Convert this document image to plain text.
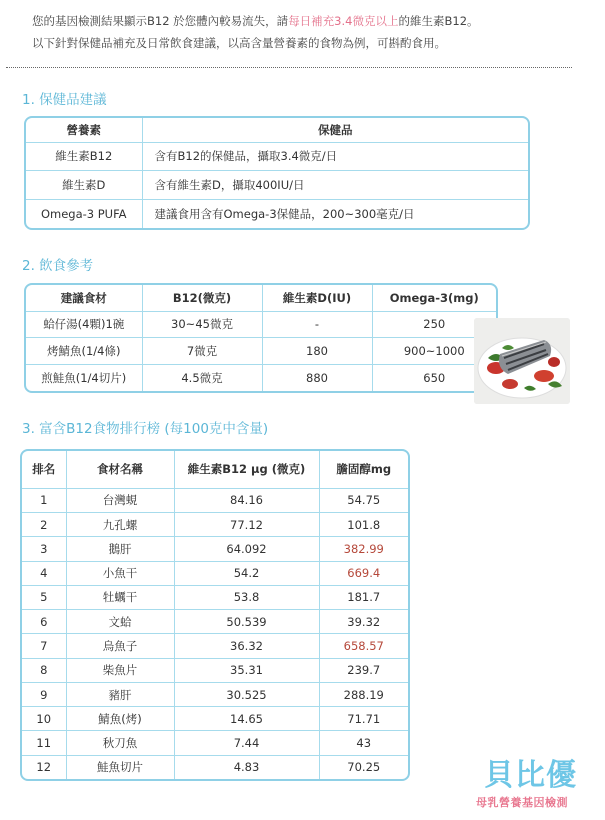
您的基因檢測結果顯示B12 於您體內較易流失，請每日補充3.4微克以上的維生素B12。
以下針對保健品補充及日常飲食建議，以高含量營養素的食物為例，可斟酌食用。
1. 保健品建議
營養素	保健品
維生素B12	含有B12的保健品，攝取3.4微克/日
維生素D	含有維生素D，攝取400IU/日
Omega-3 PUFA	建議食用含有Omega-3保健品，200~300毫克/日
2. 飲食參考
建議食材	B12(微克)	維生素D(IU)	Omega-3(mg)
蛤仔湯(4顆)1碗	30~45微克	-	250
烤鯖魚(1/4條)	7微克	180	900~1000
煎鮭魚(1/4切片)	4.5微克	880	650
3. 富含B12食物排行榜 (每100克中含量)
排名	食材名稱	維生素B12 μg (微克)	膽固醇mg
1	台灣蜆	84.16	54.75
2	九孔螺	77.12	101.8
3	鵝肝	64.092	382.99
4	小魚干	54.2	669.4
5	牡蠣干	53.8	181.7
6	文蛤	50.539	39.32
7	烏魚子	36.32	658.57
8	柴魚片	35.31	239.7
9	豬肝	30.525	288.19
10	鯖魚(烤)	14.65	71.71
11	秋刀魚	7.44	43
12	鮭魚切片	4.83	70.25	貝比優
母乳營養基因檢測
